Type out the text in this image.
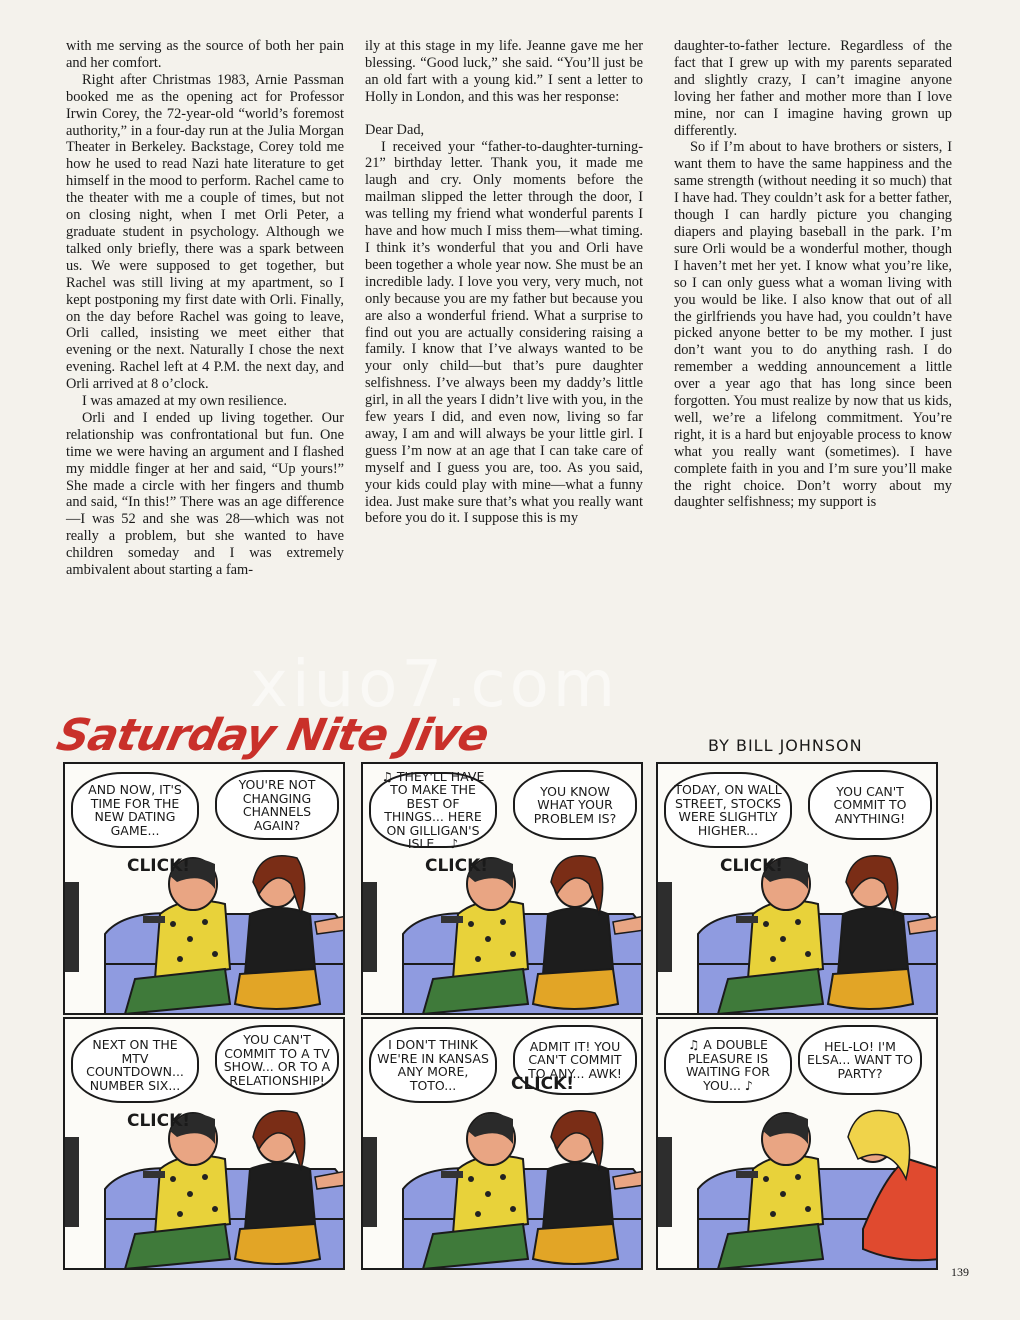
with me serving as the source of both her pain and her comfort.

Right after Christmas 1983, Arnie Passman booked me as the opening act for Professor Irwin Corey, the 72-year-old “world’s foremost authority,” in a four-day run at the Julia Morgan Theater in Berkeley. Backstage, Corey told me how he used to read Nazi hate literature to get himself in the mood to perform. Rachel came to the theater with me a couple of times, but not on closing night, when I met Orli Peter, a graduate student in psychology. Although we talked only briefly, there was a spark between us. We were supposed to get together, but Rachel was still living at my apartment, so I kept postponing my first date with Orli. Finally, on the day before Rachel was going to leave, Orli called, insisting we meet either that evening or the next. Naturally I chose the next evening. Rachel left at 4 P.M. the next day, and Orli arrived at 8 o’clock.

I was amazed at my own resilience.

Orli and I ended up living together. Our relationship was confrontational but fun. One time we were having an argument and I flashed my middle finger at her and said, “Up yours!” She made a circle with her fingers and thumb and said, “In this!” There was an age difference—I was 52 and she was 28—which was not really a problem, but she wanted to have children someday and I was extremely ambivalent about starting a fam-

ily at this stage in my life. Jeanne gave me her blessing. “Good luck,” she said. “You’ll just be an old fart with a young kid.” I sent a letter to Holly in London, and this was her response:

Dear Dad,

I received your “father-to-daughter-turning-21” birthday letter. Thank you, it made me laugh and cry. Only moments before the mailman slipped the letter through the door, I was telling my friend what wonderful parents I have and how much I miss them—what timing. I think it’s wonderful that you and Orli have been together a whole year now. She must be an incredible lady. I love you very, very much, not only because you are my father but because you are also a wonderful friend. What a surprise to find out you are actually considering raising a family. I know that I’ve always wanted to be your only child—but that’s pure daughter selfishness. I’ve always been my daddy’s little girl, in all the years I didn’t live with you, in the few years I did, and even now, living so far away, I am and will always be your little girl. I guess I’m now at an age that I can take care of myself and I guess you are, too. As you said, your kids could play with mine—what a funny idea. Just make sure that’s what you really want before you do it. I suppose this is my

daughter-to-father lecture. Regardless of the fact that I grew up with my parents separated and slightly crazy, I can’t imagine anyone loving her father and mother more than I love mine, nor can I imagine having grown up differently.

So if I’m about to have brothers or sisters, I want them to have the same happiness and the same strength (without needing it so much) that I have had. They couldn’t ask for a better father, though I can hardly picture you changing diapers and playing baseball in the park. I’m sure Orli would be a wonderful mother, though I haven’t met her yet. I know what you’re like, so I can only guess what a woman living with you would be like. I also know that out of all the girlfriends you have had, you couldn’t have picked anyone better to be my mother. I just don’t want you to do anything rash. I do remember a wedding announcement a little over a year ago that has long since been forgotten. You must realize by now that us kids, well, we’re a lifelong commitment. You’re right, it is a hard but enjoyable process to know what you really want (sometimes). I have complete faith in you and I’m sure you’ll make the right choice. Don’t worry about my daughter selfishness; my support is

xiuo7.com
Saturday Nite Jive	BY BILL JOHNSON
AND NOW, IT'S TIME FOR THE NEW DATING GAME...
YOU'RE NOT CHANGING CHANNELS AGAIN?
CLICK!
♫ THEY'LL HAVE TO MAKE THE BEST OF THINGS... HERE ON GILLIGAN'S ISLE... ♪
YOU KNOW WHAT YOUR PROBLEM IS?
CLICK!
TODAY, ON WALL STREET, STOCKS WERE SLIGHTLY HIGHER...
YOU CAN'T COMMIT TO ANYTHING!
CLICK!
NEXT ON THE MTV COUNTDOWN... NUMBER SIX...
YOU CAN'T COMMIT TO A TV SHOW... OR TO A RELATIONSHIP!
CLICK!
I DON'T THINK WE'RE IN KANSAS ANY MORE, TOTO...
ADMIT IT! YOU CAN'T COMMIT TO ANY... AWK!
CLICK!
♫ A DOUBLE PLEASURE IS WAITING FOR YOU... ♪
HEL-LO! I'M ELSA... WANT TO PARTY?
139
